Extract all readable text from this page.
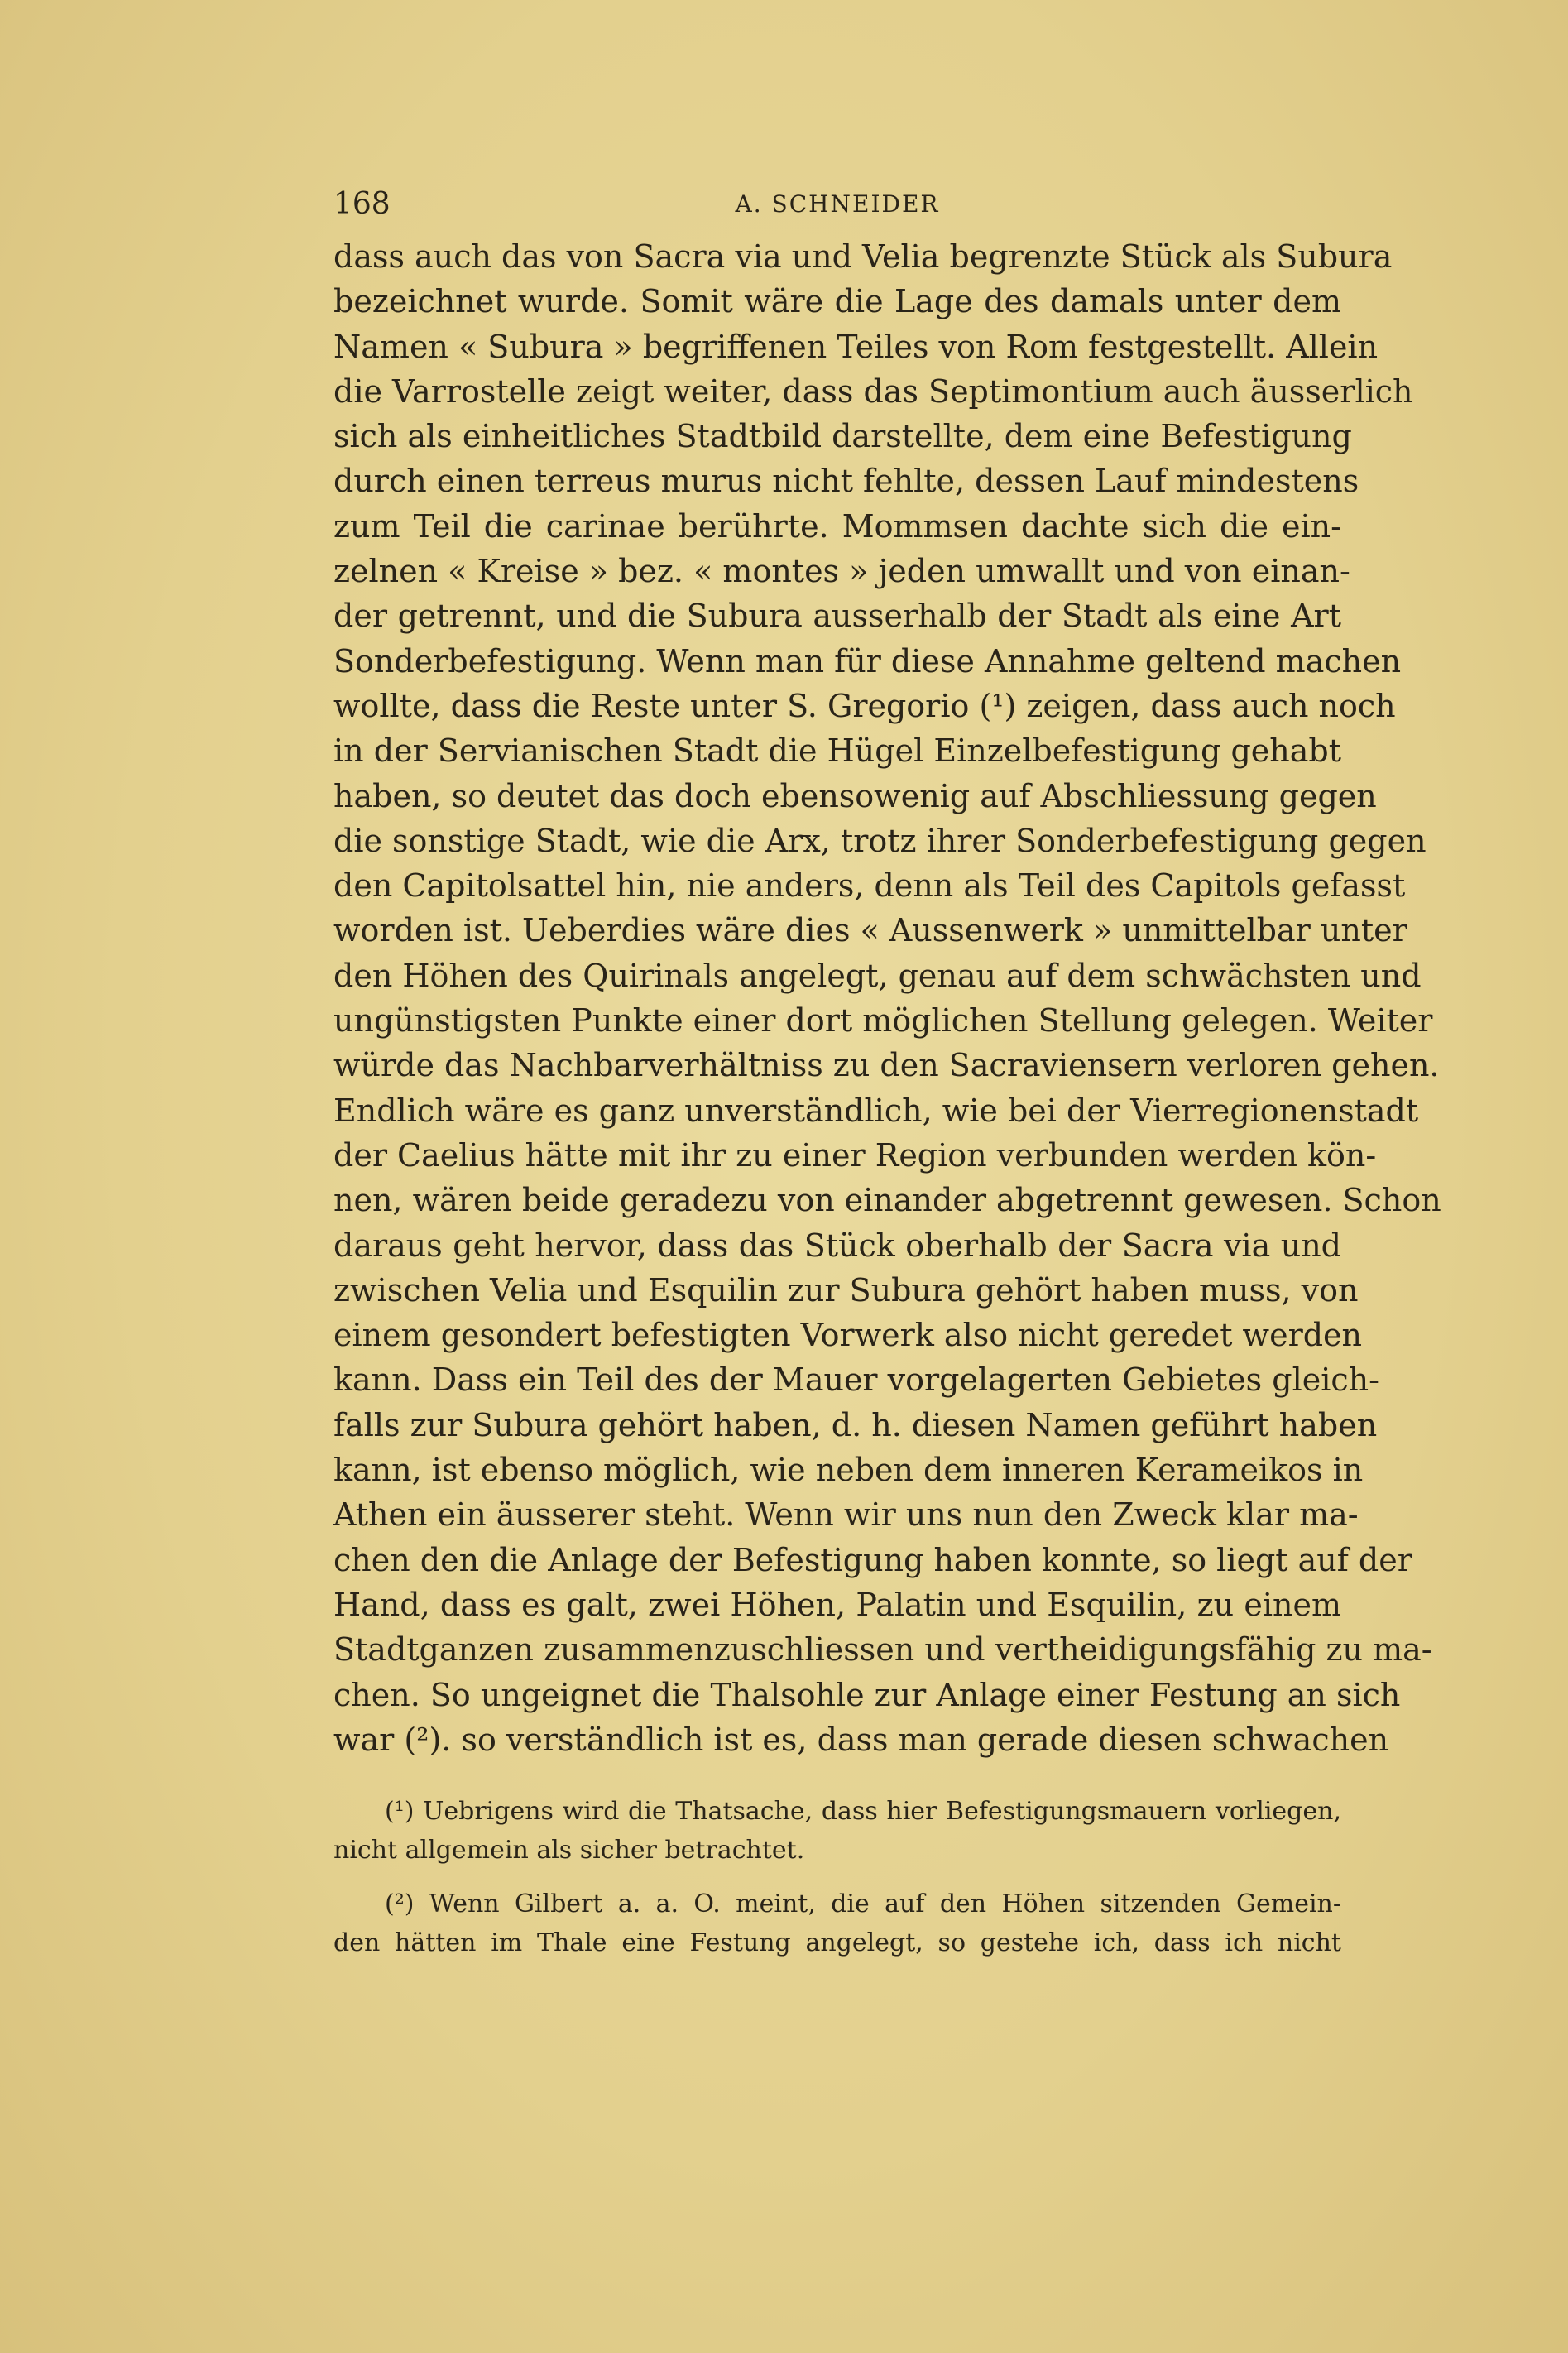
168	A. SCHNEIDER
dass auch das von Sacra via und Velia begrenzte Stück als Subura
bezeichnet wurde. Somit wäre die Lage des damals unter dem
Namen « Subura » begriffenen Teiles von Rom festgestellt. Allein
die Varrostelle zeigt weiter, dass das Septimontium auch äusserlich
sich als einheitliches Stadtbild darstellte, dem eine Befestigung
durch einen terreus murus nicht fehlte, dessen Lauf mindestens
zum Teil die carinae berührte. Mommsen dachte sich die ein-
zelnen « Kreise » bez. « montes » jeden umwallt und von einan-
der getrennt, und die Subura ausserhalb der Stadt als eine Art
Sonderbefestigung. Wenn man für diese Annahme geltend machen
wollte, dass die Reste unter S. Gregorio (¹) zeigen, dass auch noch
in der Servianischen Stadt die Hügel Einzelbefestigung gehabt
haben, so deutet das doch ebensowenig auf Abschliessung gegen
die sonstige Stadt, wie die Arx, trotz ihrer Sonderbefestigung gegen
den Capitolsattel hin, nie anders, denn als Teil des Capitols gefasst
worden ist. Ueberdies wäre dies « Aussenwerk » unmittelbar unter
den Höhen des Quirinals angelegt, genau auf dem schwächsten und
ungünstigsten Punkte einer dort möglichen Stellung gelegen. Weiter
würde das Nachbarverhältniss zu den Sacraviensern verloren gehen.
Endlich wäre es ganz unverständlich, wie bei der Vierregionenstadt
der Caelius hätte mit ihr zu einer Region verbunden werden kön-
nen, wären beide geradezu von einander abgetrennt gewesen. Schon
daraus geht hervor, dass das Stück oberhalb der Sacra via und
zwischen Velia und Esquilin zur Subura gehört haben muss, von
einem gesondert befestigten Vorwerk also nicht geredet werden
kann. Dass ein Teil des der Mauer vorgelagerten Gebietes gleich-
falls zur Subura gehört haben, d. h. diesen Namen geführt haben
kann, ist ebenso möglich, wie neben dem inneren Kerameikos in
Athen ein äusserer steht. Wenn wir uns nun den Zweck klar ma-
chen den die Anlage der Befestigung haben konnte, so liegt auf der
Hand, dass es galt, zwei Höhen, Palatin und Esquilin, zu einem
Stadtganzen zusammenzuschliessen und vertheidigungsfähig zu ma-
chen. So ungeignet die Thalsohle zur Anlage einer Festung an sich
war (²). so verständlich ist es, dass man gerade diesen schwachen
(¹) Uebrigens wird die Thatsache, dass hier Befestigungsmauern vorliegen,
nicht allgemein als sicher betrachtet.
(²) Wenn Gilbert a. a. O. meint, die auf den Höhen sitzenden Gemein-
den hätten im Thale eine Festung angelegt, so gestehe ich, dass ich nicht
